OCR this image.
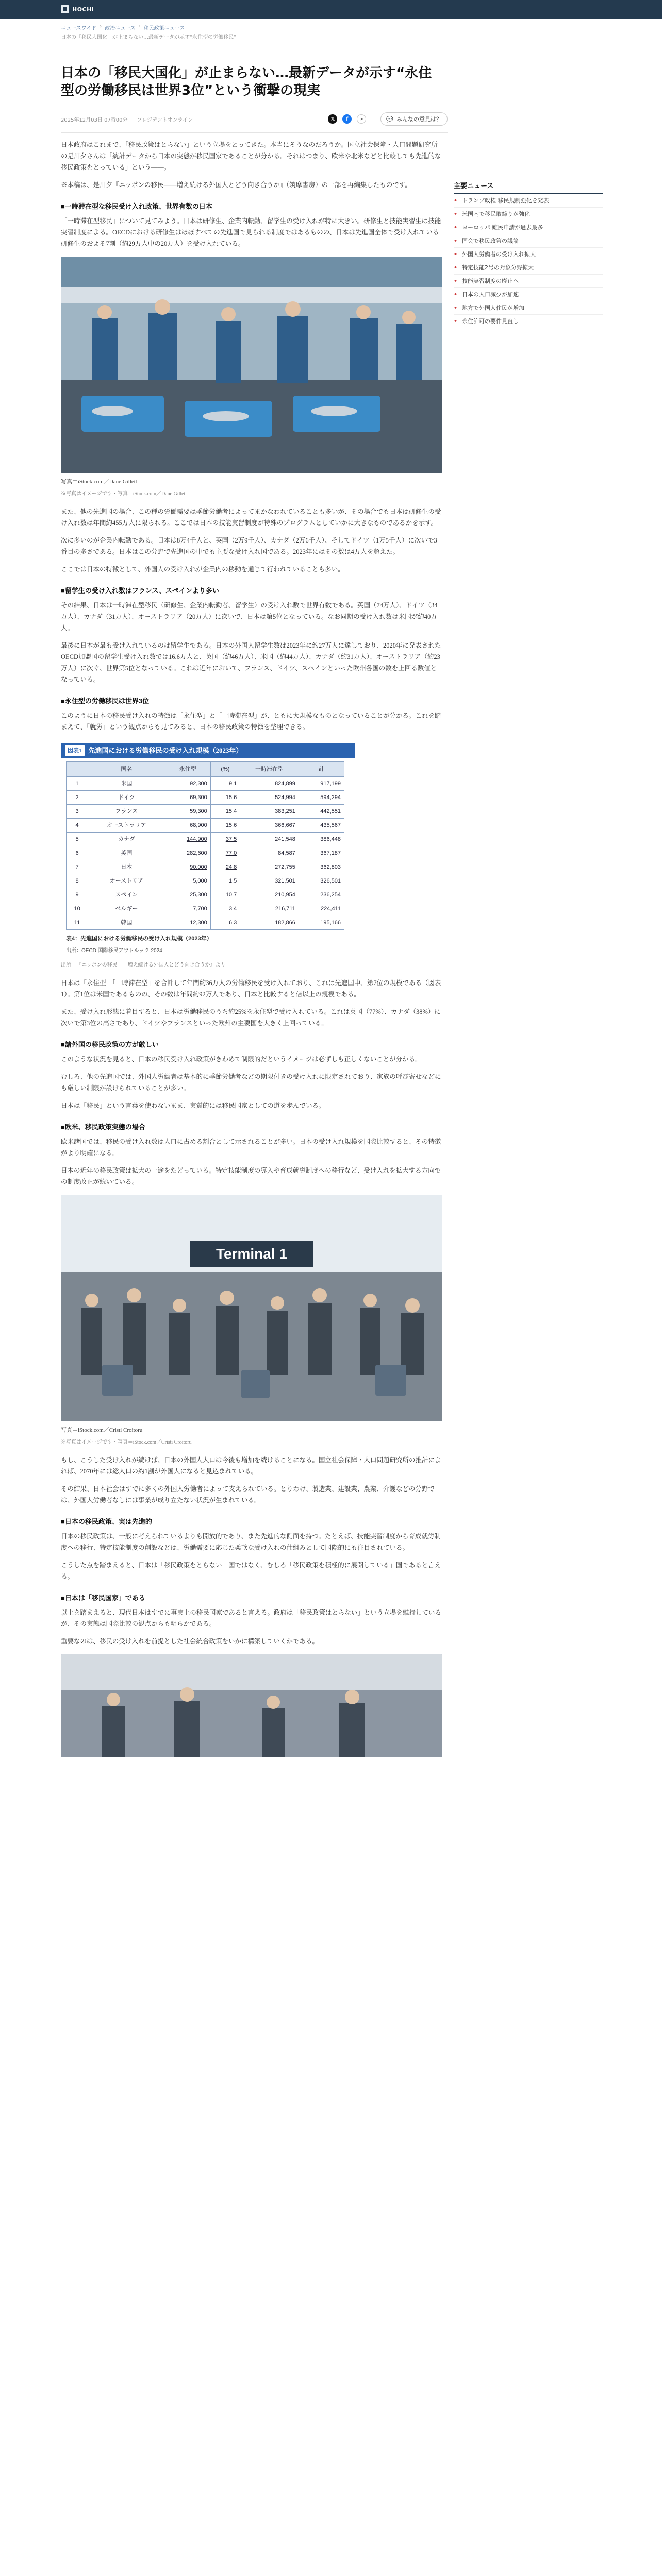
HOCHI
ニュースワイド › 政治ニュース › 移民政策ニュース
日本の「移民大国化」が止まらない…最新データが示す“永住型の労働移民”
日本の「移民大国化」が止まらない…最新データが示す“永住型の労働移民は世界3位”という衝撃の現実
2025年12月03日 07時00分 プレジデントオンライン	𝕏	f	∞	💬 みんなの意見は？

日本政府はこれまで、「移民政策はとらない」という立場をとってきた。本当にそうなのだろうか。国立社会保障・人口問題研究所の是川夕さんは「統計データから日本の実態が移民国家であることが分かる。それはつまり、欧米や北米などと比較しても先進的な移民政策をとっている」という――。

※本稿は、是川夕『ニッポンの移民――増え続ける外国人とどう向き合うか』（筑摩書房）の一部を再編集したものです。

■一時滞在型な移民受け入れ政策、世界有数の日本

「一時滞在型移民」について見てみよう。日本は研修生、企業内転勤、留学生の受け入れが特に大きい。研修生と技能実習生は技能実習制度による。OECDにおける研修生はほぼすべての先進国で見られる制度ではあるものの、日本は先進国全体で受け入れている研修生のおよそ7割（約29万人中の20万人）を受け入れている。

写真＝iStock.com／Dane Gillett
※写真はイメージです・写真＝iStock.com／Dane Gillett

また、他の先進国の場合、この種の労働需要は季節労働者によってまかなわれていることも多いが、その場合でも日本は研修生の受け入れ数は年間約455万人に限られる。ここでは日本の技能実習制度が特殊のプログラムとしていかに大きなものであるかを示す。

次に多いのが企業内転勤である。日本は8万4千人と、英国（2万9千人）、カナダ（2万6千人）、そしてドイツ（1万5千人）に次いで3番目の多さである。日本はこの分野で先進国の中でも主要な受け入れ国である。2023年にはその数は4万人を超えた。

ここでは日本の特徴として、外国人の受け入れが企業内の移動を通じて行われていることも多い。

■留学生の受け入れ数はフランス、スペインより多い

その結果、日本は一時滞在型移民（研修生、企業内転勤者、留学生）の受け入れ数で世界有数である。英国（74万人）、ドイツ（34万人）、カナダ（31万人）、オーストラリア（20万人）に次いで、日本は第5位となっている。なお同期の受け入れ数は米国が約40万人。

最後に日本が最も受け入れているのは留学生である。日本の外国人留学生数は2023年に約27万人に達しており、2020年に発表されたOECD加盟国の留学生受け入れ数では16.6万人と、英国（約46万人）、米国（約44万人）、カナダ（約31万人）、オーストラリア（約23万人）に次ぐ、世界第5位となっている。これは近年において、フランス、ドイツ、スペインといった欧州各国の数を上回る数値となっている。

■永住型の労働移民は世界3位

このように日本の移民受け入れの特徴は「永住型」と「一時滞在型」が、ともに大規模なものとなっていることが分かる。これを踏まえて、「就労」という観点からも見てみると、日本の移民政策の特徴を整理できる。

図表1	先進国における労働移民の受け入れ規模（2023年）
	国名	永住型	(%)	一時滞在型	計
1	米国	92,300	9.1	824,899	917,199
2	ドイツ	69,300	15.6	524,994	594,294
3	フランス	59,300	15.4	383,251	442,551
4	オーストラリア	68,900	15.6	366,667	435,567
5	カナダ	144,900	37.5	241,548	386,448
6	英国	282,600	77.0	84,587	367,187
7	日本	90,000	24.8	272,755	362,803
8	オーストリア	5,000	1.5	321,501	326,501
9	スペイン	25,300	10.7	210,954	236,254
10	ベルギー	7,700	3.4	216,711	224,411
11	韓国	12,300	6.3	182,866	195,166
表4：先進国における労働移民の受け入れ規模（2023年）
出所：OECD 国際移民アウトルック 2024
出所＝『ニッポンの移民――増え続ける外国人とどう向き合うか』より

日本は「永住型」「一時滞在型」を合計して年間約36万人の労働移民を受け入れており、これは先進国中、第7位の規模である（図表1）。第1位は米国であるものの、その数は年間約92万人であり、日本と比較すると倍以上の規模である。

また、受け入れ形態に着目すると、日本は労働移民のうち約25%を永住型で受け入れている。これは英国（77%）、カナダ（38%）に次いで第3位の高さであり、ドイツやフランスといった欧州の主要国を大きく上回っている。

■諸外国の移民政策の方が厳しい

このような状況を見ると、日本の移民受け入れ政策がきわめて制限的だというイメージは必ずしも正しくないことが分かる。

むしろ、他の先進国では、外国人労働者は基本的に季節労働者などの期限付きの受け入れに限定されており、家族の呼び寄せなどにも厳しい制限が設けられていることが多い。

日本は「移民」という言葉を使わないまま、実質的には移民国家としての道を歩んでいる。

■欧米、移民政策実態の場合

欧米諸国では、移民の受け入れ数は人口に占める割合として示されることが多い。日本の受け入れ規模を国際比較すると、その特徴がより明確になる。

日本の近年の移民政策は拡大の一途をたどっている。特定技能制度の導入や育成就労制度への移行など、受け入れを拡大する方向での制度改正が続いている。

Terminal 1
写真＝iStock.com／Cristi Croitoru
※写真はイメージです・写真＝iStock.com／Cristi Croitoru

もし、こうした受け入れが続けば、日本の外国人人口は今後も増加を続けることになる。国立社会保障・人口問題研究所の推計によれば、2070年には総人口の約1割が外国人になると見込まれている。

その結果、日本社会はすでに多くの外国人労働者によって支えられている。とりわけ、製造業、建設業、農業、介護などの分野では、外国人労働者なしには事業が成り立たない状況が生まれている。

■日本の移民政策、実は先進的

日本の移民政策は、一般に考えられているよりも開放的であり、また先進的な側面を持つ。たとえば、技能実習制度から育成就労制度への移行、特定技能制度の創設などは、労働需要に応じた柔軟な受け入れの仕組みとして国際的にも注目されている。

こうした点を踏まえると、日本は「移民政策をとらない」国ではなく、むしろ「移民政策を積極的に展開している」国であると言える。

■日本は「移民国家」である

以上を踏まえると、現代日本はすでに事実上の移民国家であると言える。政府は「移民政策はとらない」という立場を維持しているが、その実態は国際比較の観点からも明らかである。

重要なのは、移民の受け入れを前提とした社会統合政策をいかに構築していくかである。

主要ニュース
• トランプ政権 移民規制強化を発表
• 米国内で移民取締りが強化
• ヨーロッパ 難民申請が過去最多
• 国会で移民政策の議論
• 外国人労働者の受け入れ拡大
• 特定技能2号の対象分野拡大
• 技能実習制度の廃止へ
• 日本の人口減少が加速
• 地方で外国人住民が増加
• 永住許可の要件見直し
